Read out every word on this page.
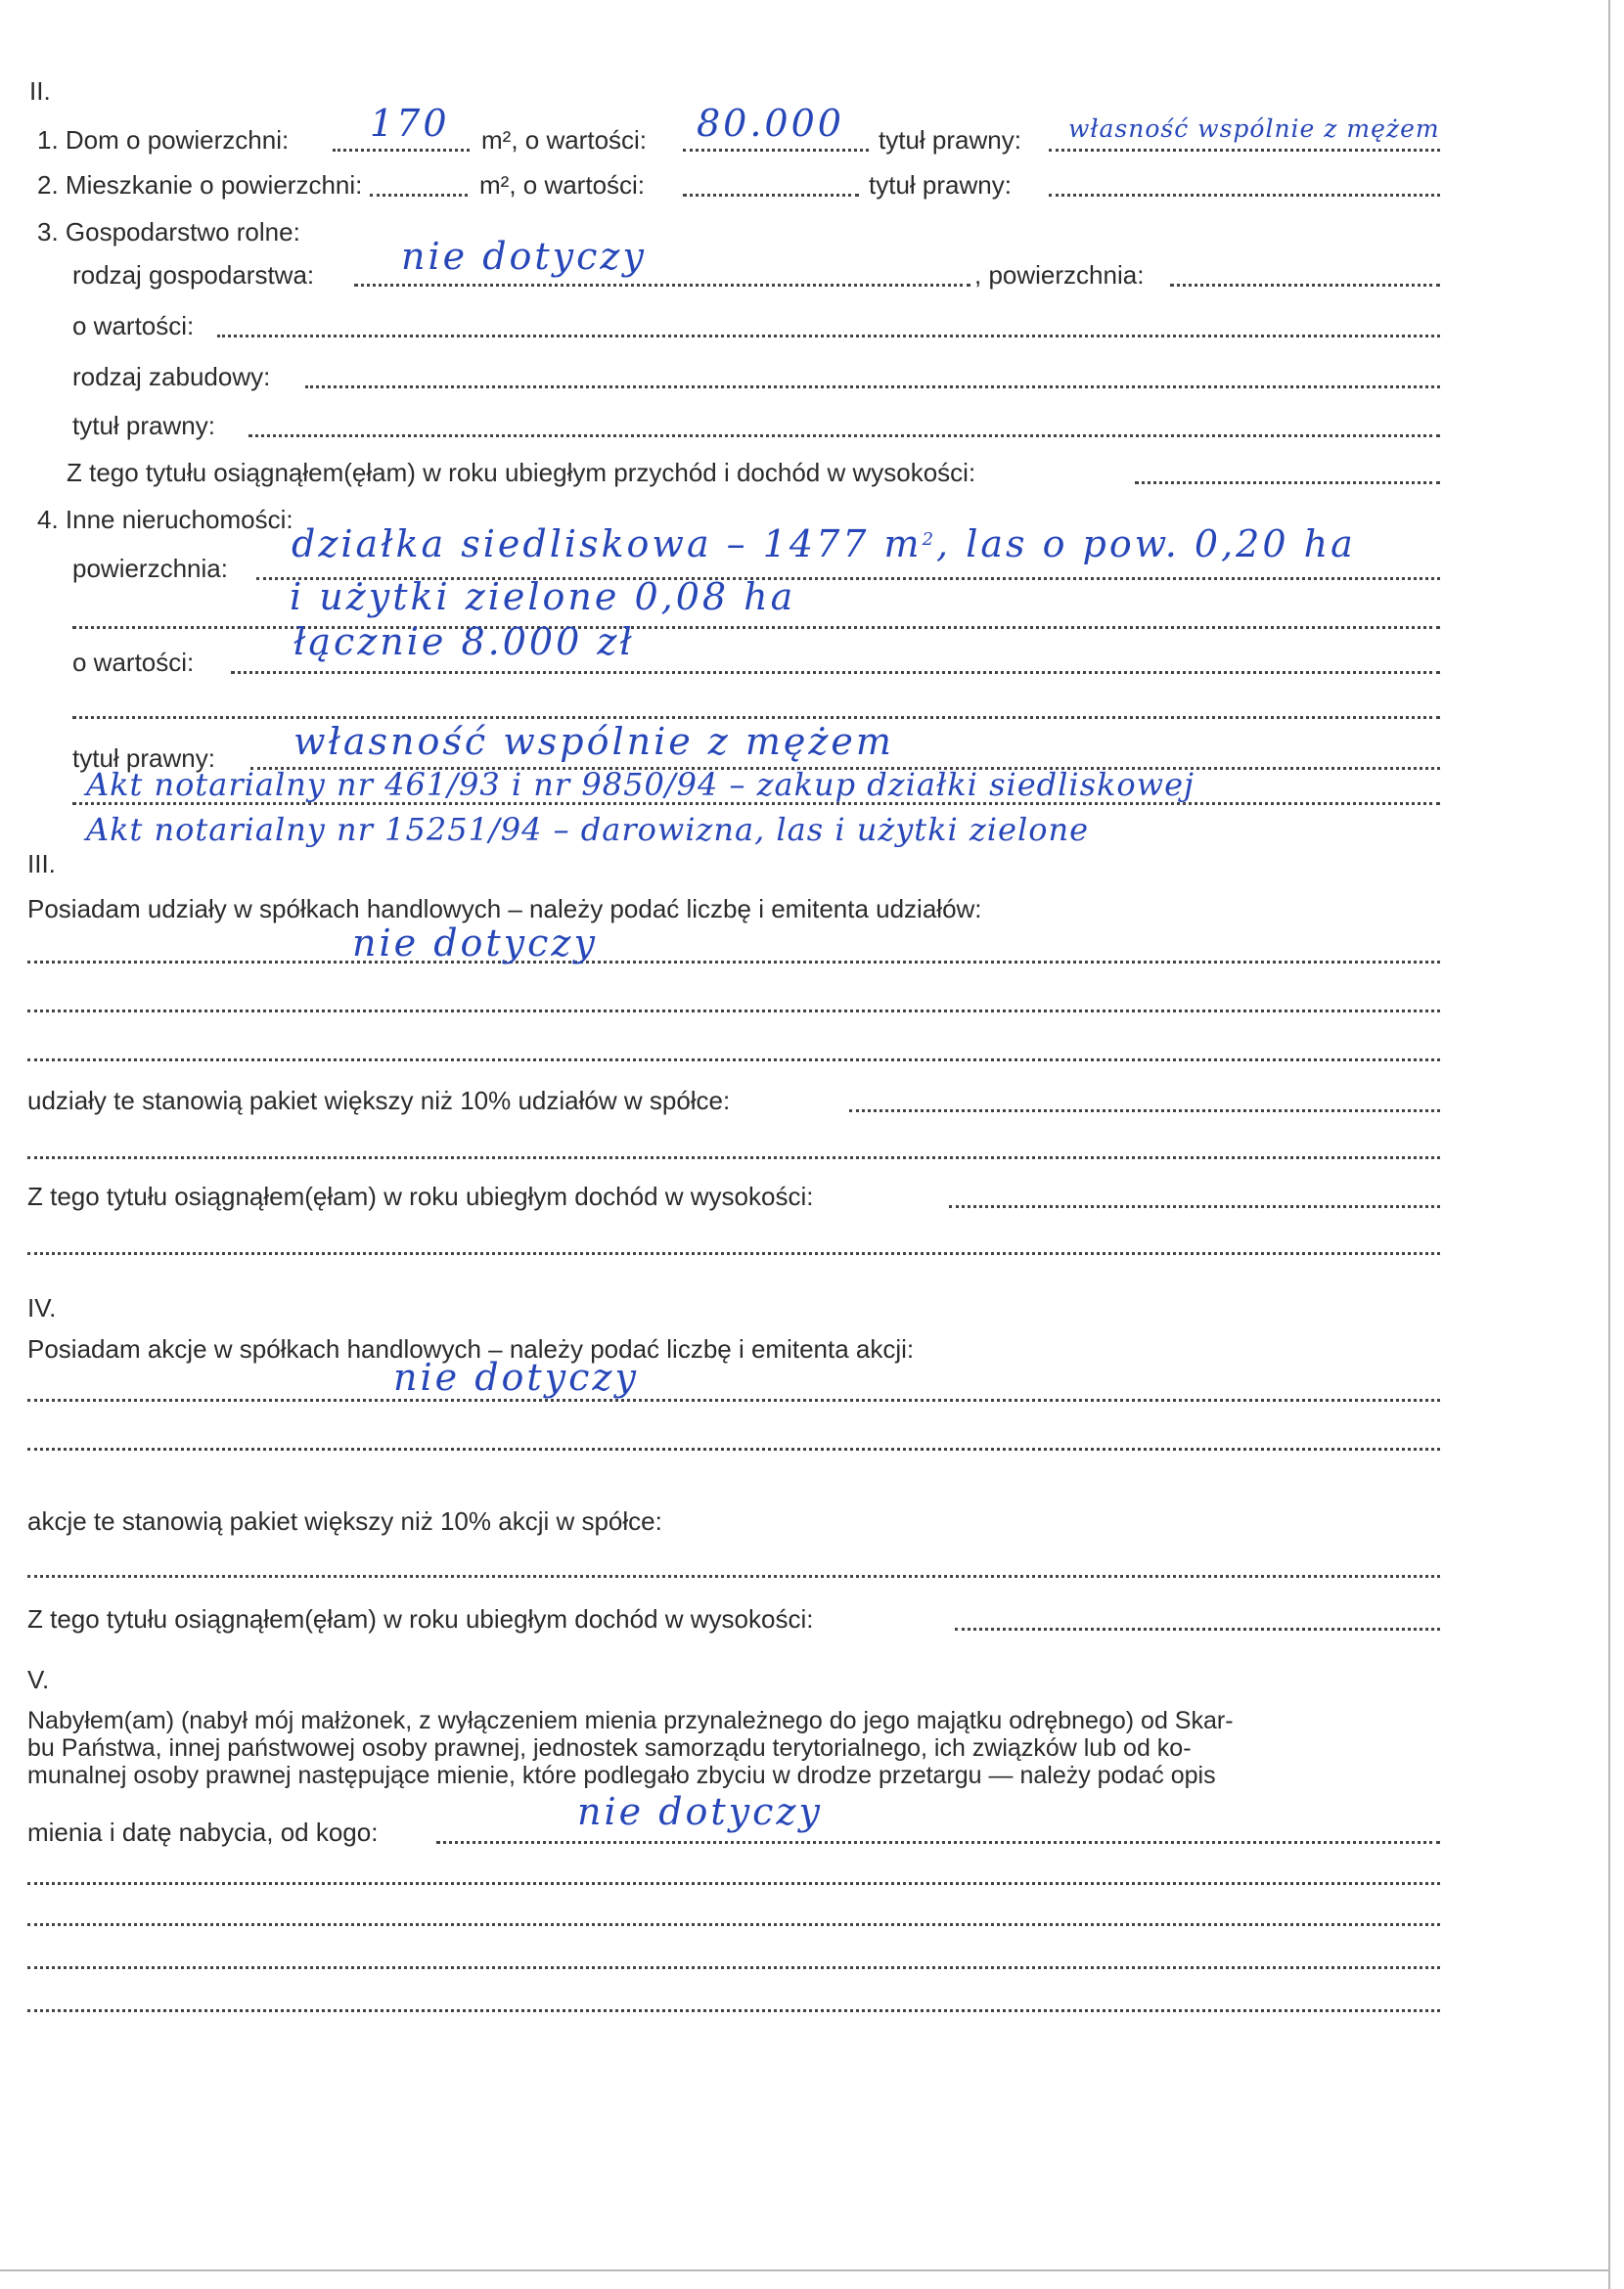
II.
1. Dom o powierzchni: 170 m², o wartości: 80.000 tytuł prawny: własność wspólnie z mężem
2. Mieszkanie o powierzchni:	m², o wartości:	tytuł prawny:
3. Gospodarstwo rolne:
rodzaj gospodarstwa: nie dotyczy	, powierzchnia:
o wartości:
rodzaj zabudowy:
tytuł prawny:
Z tego tytułu osiągnąłem(ęłam) w roku ubiegłym przychód i dochód w wysokości:
4. Inne nieruchomości:
powierzchnia:
działka siedliskowa – 1477 $m^2$, las o pow. 0,20 ha
i użytki zielone 0,08 ha
o wartości:	łącznie 8.000 zł
tytuł prawny: własność wspólnie z mężem
Akt notarialny nr 461/93 i nr 9850/94 – zakup działki siedliskowej
Akt notarialny nr 15251/94 – darowizna, las i użytki zielone
III.
Posiadam udziały w spółkach handlowych – należy podać liczbę i emitenta udziałów:
nie dotyczy
udziały te stanowią pakiet większy niż 10% udziałów w spółce:
Z tego tytułu osiągnąłem(ęłam) w roku ubiegłym dochód w wysokości:
IV.
Posiadam akcje w spółkach handlowych – należy podać liczbę i emitenta akcji:
nie dotyczy
akcje te stanowią pakiet większy niż 10% akcji w spółce:
Z tego tytułu osiągnąłem(ęłam) w roku ubiegłym dochód w wysokości:
V.
Nabyłem(am) (nabył mój małżonek, z wyłączeniem mienia przynależnego do jego majątku odrębnego) od Skar-
bu Państwa, innej państwowej osoby prawnej, jednostek samorządu terytorialnego, ich związków lub od ko-
munalnej osoby prawnej następujące mienie, które podlegało zbyciu w drodze przetargu — należy podać opis
mienia i datę nabycia, od kogo:	nie dotyczy
